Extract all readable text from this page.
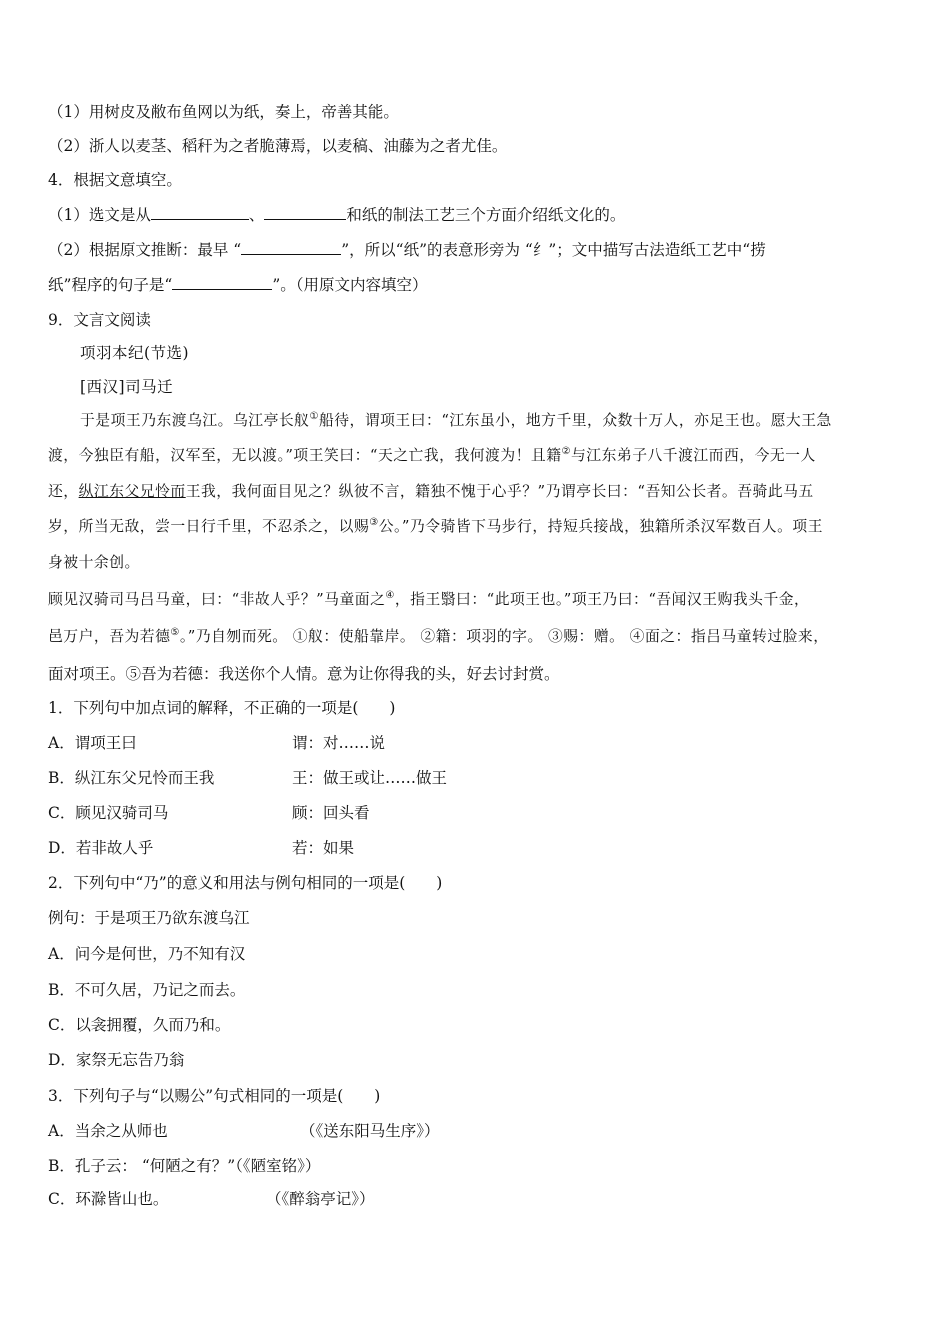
（1）用树皮及敝布鱼网以为纸，奏上，帝善其能。
（2）浙人以麦茎、稻秆为之者脆薄焉，以麦稿、油藤为之者尤佳。
4．根据文意填空。
（1）选文是从	、	和纸的制法工艺三个方面介绍纸文化的。
（2）根据原文推断：最早 “	”，所以“纸”的表意形旁为 “纟”；文中描写古法造纸工艺中“捞
纸”程序的句子是“	”。（用原文内容填空）
9．文言文阅读
项羽本纪(节选)
[西汉]司马迁
于是项王乃东渡乌江。乌江亭长舣①船待，谓项王曰：“江东虽小，地方千里，众数十万人，亦足王也。愿大王急
渡，今独臣有船，汉军至，无以渡。”项王笑曰：“天之亡我，我何渡为！且籍②与江东弟子八千渡江而西，今无一人
还，纵江东父兄怜而王我，我何面目见之？纵彼不言，籍独不愧于心乎？”乃谓亭长曰：“吾知公长者。吾骑此马五
岁，所当无敌，尝一日行千里，不忍杀之，以赐③公。”乃令骑皆下马步行，持短兵接战，独籍所杀汉军数百人。项王
身被十余创。
顾见汉骑司马吕马童，曰：“非故人乎？”马童面之④，指王翳曰：“此项王也。”项王乃曰：“吾闻汉王购我头千金，
邑万户，吾为若德⑤。”乃自刎而死。 ①舣：使船靠岸。 ②籍：项羽的字。 ③赐：赠。 ④面之：指吕马童转过脸来，
面对项王。⑤吾为若德：我送你个人情。意为让你得我的头，好去讨封赏。
1．下列句中加点词的解释，不正确的一项是(　　)
A．谓项王曰	谓：对……说
B．纵江东父兄怜而王我	王：做王或让……做王
C．顾见汉骑司马	顾：回头看
D．若非故人乎	若：如果
2．下列句中“乃”的意义和用法与例句相同的一项是(　　)
例句：于是项王乃欲东渡乌江
A．问今是何世，乃不知有汉
B．不可久居，乃记之而去。
C．以衾拥覆，久而乃和。
D．家祭无忘告乃翁
3．下列句子与“以赐公”句式相同的一项是(　　)
A．当余之从师也	（《送东阳马生序》）
B．孔子云： “何陋之有？”（《陋室铭》）
C．环滁皆山也。	（《醉翁亭记》）
